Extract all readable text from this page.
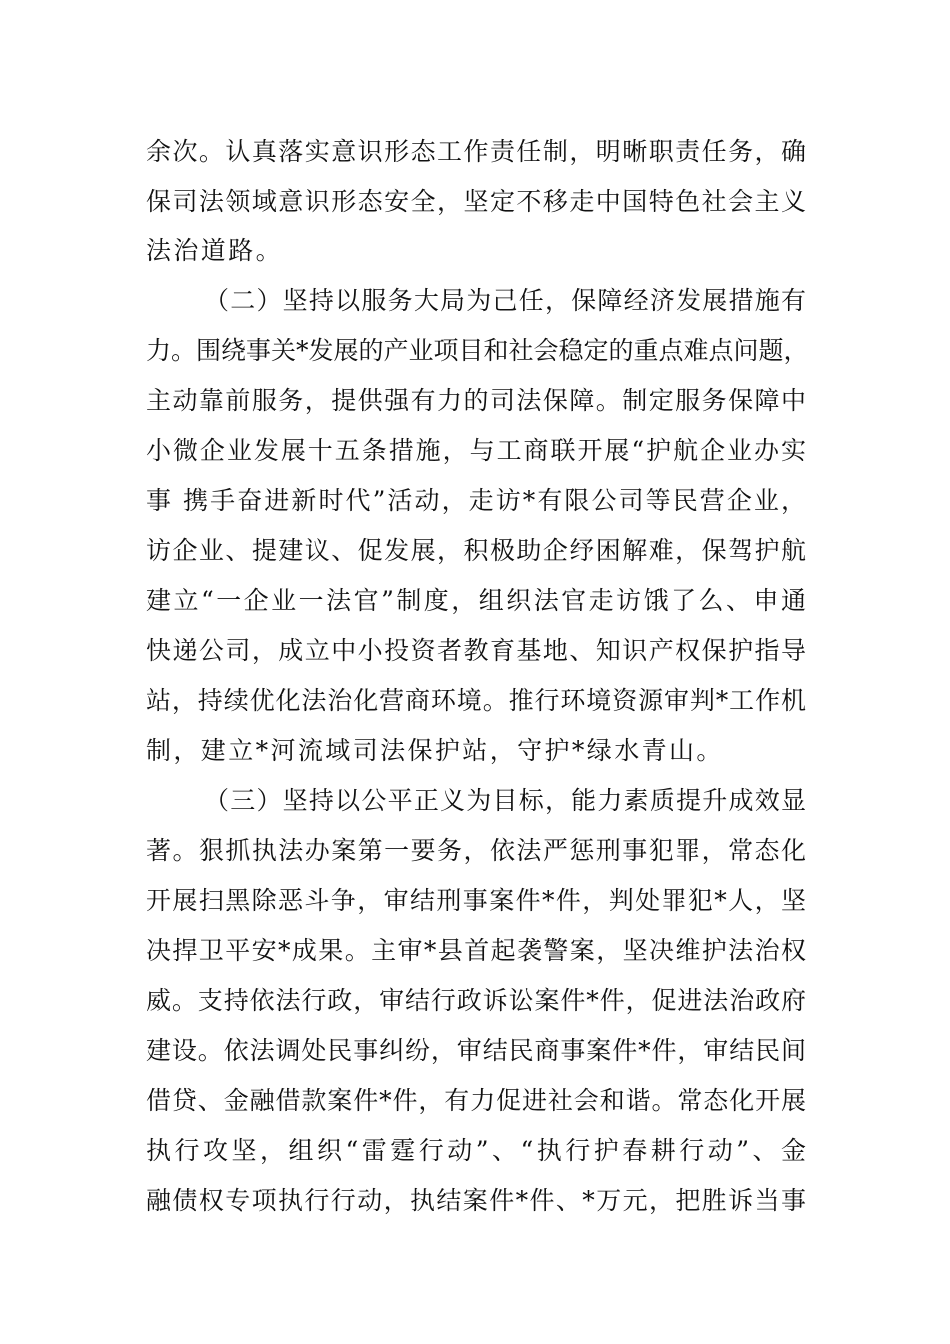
余次。认真落实意识形态工作责任制，明晰职责任务，确
保司法领域意识形态安全，坚定不移走中国特色社会主义
法治道路。
（二）坚持以服务大局为己任，保障经济发展措施有
力。围绕事关*发展的产业项目和社会稳定的重点难点问题，
主动靠前服务，提供强有力的司法保障。制定服务保障中
小微企业发展十五条措施，与工商联开展“护航企业办实
事 携手奋进新时代”活动，走访*有限公司等民营企业，
访企业、提建议、促发展，积极助企纾困解难，保驾护航
建立“一企业一法官”制度，组织法官走访饿了么、申通
快递公司，成立中小投资者教育基地、知识产权保护指导
站，持续优化法治化营商环境。推行环境资源审判*工作机
制，建立*河流域司法保护站，守护*绿水青山。
（三）坚持以公平正义为目标，能力素质提升成效显
著。狠抓执法办案第一要务，依法严惩刑事犯罪，常态化
开展扫黑除恶斗争，审结刑事案件*件，判处罪犯*人，坚
决捍卫平安*成果。主审*县首起袭警案，坚决维护法治权
威。支持依法行政，审结行政诉讼案件*件，促进法治政府
建设。依法调处民事纠纷，审结民商事案件*件，审结民间
借贷、金融借款案件*件，有力促进社会和谐。常态化开展
执行攻坚，组织“雷霆行动”、“执行护春耕行动”、金
融债权专项执行行动，执结案件*件、*万元，把胜诉当事
